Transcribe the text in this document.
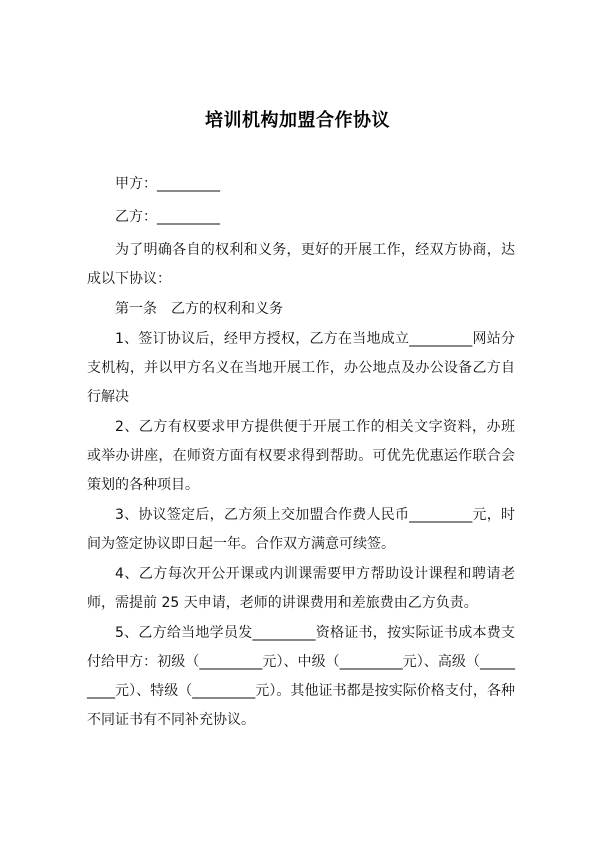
培训机构加盟合作协议

甲方：_________

乙方：_________

为了明确各自的权利和义务，更好的开展工作，经双方协商，达成以下协议：

第一条　乙方的权利和义务

1、签订协议后，经甲方授权，乙方在当地成立_________网站分支机构，并以甲方名义在当地开展工作，办公地点及办公设备乙方自行解决

2、乙方有权要求甲方提供便于开展工作的相关文字资料，办班或举办讲座，在师资方面有权要求得到帮助。可优先优惠运作联合会策划的各种项目。

3、协议签定后，乙方须上交加盟合作费人民币_________元，时间为签定协议即日起一年。合作双方满意可续签。

4、乙方每次开公开课或内训课需要甲方帮助设计课程和聘请老师，需提前 25 天申请，老师的讲课费用和差旅费由乙方负责。

5、乙方给当地学员发_________资格证书，按实际证书成本费支付给甲方：初级（_________元）、中级（_________元）、高级（_________元）、特级（_________元）。其他证书都是按实际价格支付，各种不同证书有不同补充协议。
